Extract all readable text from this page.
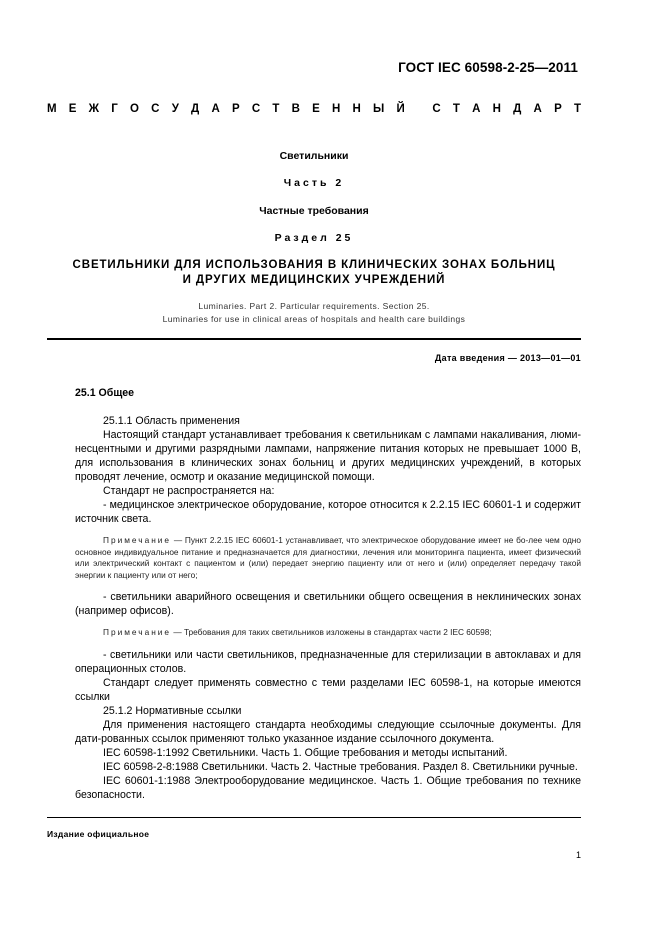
ГОСТ IEC 60598-2-25—2011
М Е Ж Г О С У Д А Р С Т В Е Н Н Ы Й
С Т А Н Д А Р Т
Светильники
Часть 2
Частные требования
Раздел 25
СВЕТИЛЬНИКИ ДЛЯ ИСПОЛЬЗОВАНИЯ В КЛИНИЧЕСКИХ ЗОНАХ БОЛЬНИЦ
И ДРУГИХ МЕДИЦИНСКИХ УЧРЕЖДЕНИЙ
Luminaries. Part 2. Particular requirements. Section 25.
Luminaries for use in clinical areas of hospitals and health care buildings
Дата введения — 2013—01—01

25.1 Общее

25.1.1 Область применения

Настоящий стандарт устанавливает требования к светильникам с лампами накаливания, люми-несцентными и другими разрядными лампами, напряжение питания которых не превышает 1000 В, для использования в клинических зонах больниц и других медицинских учреждений, в которых проводят лечение, осмотр и оказание медицинской помощи.

Стандарт не распространяется на:

- медицинское электрическое оборудование, которое относится к 2.2.15 IEC 60601-1 и содержит источник света.

Примечание — Пункт 2.2.15 IEC 60601-1 устанавливает, что электрическое оборудование имеет не бо-лее чем одно основное индивидуальное питание и предназначается для диагностики, лечения или мониторинга пациента, имеет физический или электрический контакт с пациентом и (или) передает энергию пациенту или от него и (или) определяет передачу такой энергии к пациенту или от него;

- светильники аварийного освещения и светильники общего освещения в неклинических зонах (например офисов).

Примечание — Требования для таких светильников изложены в стандартах части 2 IEC 60598;

- светильники или части светильников, предназначенные для стерилизации в автоклавах и для операционных столов.

Стандарт следует применять совместно с теми разделами IEC 60598-1, на которые имеются ссылки

25.1.2 Нормативные ссылки

Для применения настоящего стандарта необходимы следующие ссылочные документы. Для дати-рованных ссылок применяют только указанное издание ссылочного документа.

IEC 60598-1:1992 Светильники. Часть 1. Общие требования и методы испытаний.

IEC 60598-2-8:1988 Светильники. Часть 2. Частные требования. Раздел 8. Светильники ручные.

IEC 60601-1:1988 Электрооборудование медицинское. Часть 1. Общие требования по технике безопасности.

Издание официальное
1
